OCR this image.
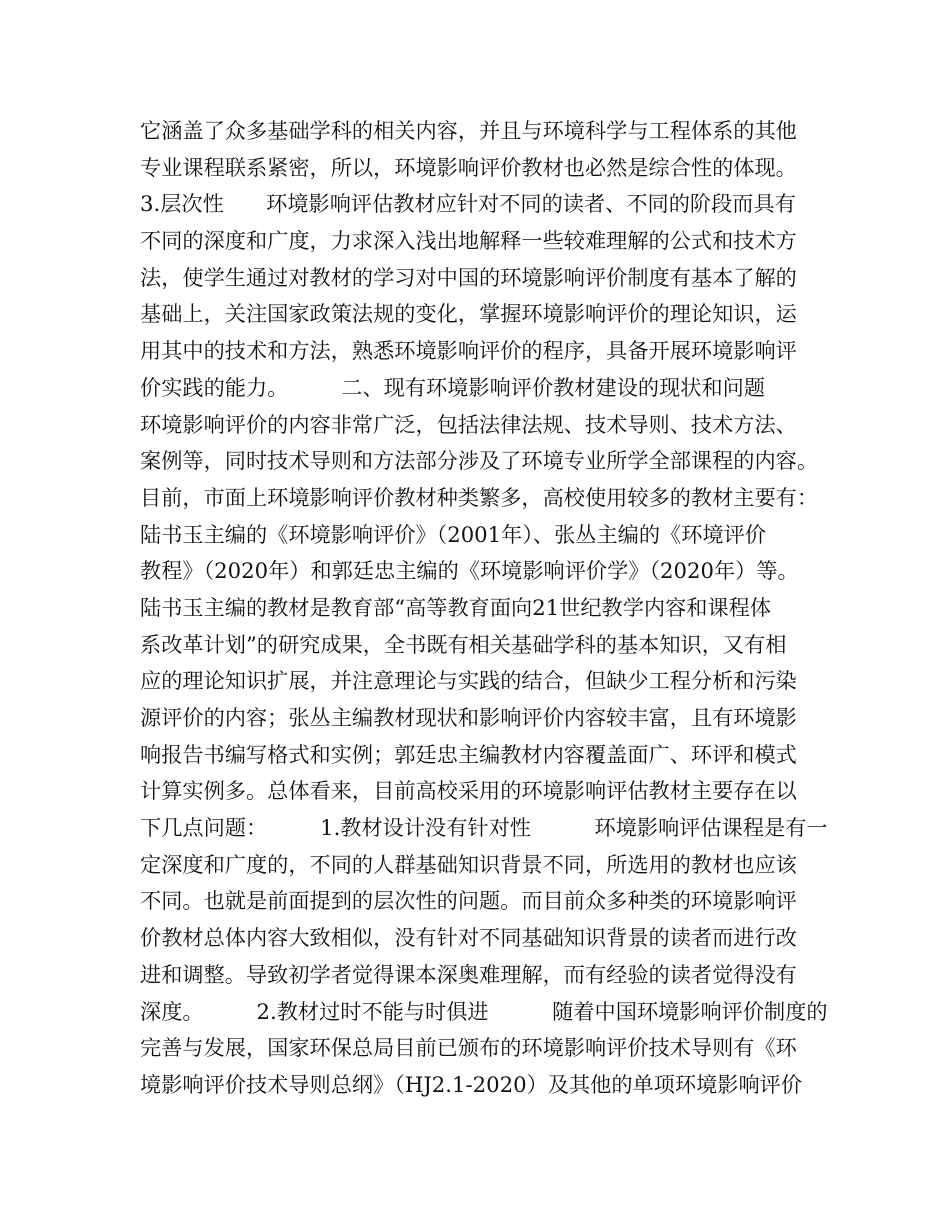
它涵盖了众多基础学科的相关内容，并且与环境科学与工程体系的其他
专业课程联系紧密，所以，环境影响评价教材也必然是综合性的体现。
3.层次性　　环境影响评估教材应针对不同的读者、不同的阶段而具有
不同的深度和广度，力求深入浅出地解释一些较难理解的公式和技术方
法，使学生通过对教材的学习对中国的环境影响评价制度有基本了解的
基础上，关注国家政策法规的变化，掌握环境影响评价的理论知识，运
用其中的技术和方法，熟悉环境影响评价的程序，具备开展环境影响评
价实践的能力。　　　二、现有环境影响评价教材建设的现状和问题
环境影响评价的内容非常广泛，包括法律法规、技术导则、技术方法、
案例等，同时技术导则和方法部分涉及了环境专业所学全部课程的内容。
目前，市面上环境影响评价教材种类繁多，高校使用较多的教材主要有：
陆书玉主编的《环境影响评价》（2001年）、张丛主编的《环境评价
教程》（2020年）和郭廷忠主编的《环境影响评价学》（2020年）等。
陆书玉主编的教材是教育部“高等教育面向21世纪教学内容和课程体
系改革计划”的研究成果，全书既有相关基础学科的基本知识，又有相
应的理论知识扩展，并注意理论与实践的结合，但缺少工程分析和污染
源评价的内容；张丛主编教材现状和影响评价内容较丰富，且有环境影
响报告书编写格式和实例；郭廷忠主编教材内容覆盖面广、环评和模式
计算实例多。总体看来，目前高校采用的环境影响评估教材主要存在以
下几点问题：　　　1.教材设计没有针对性　　　环境影响评估课程是有一
定深度和广度的，不同的人群基础知识背景不同，所选用的教材也应该
不同。也就是前面提到的层次性的问题。而目前众多种类的环境影响评
价教材总体内容大致相似，没有针对不同基础知识背景的读者而进行改
进和调整。导致初学者觉得课本深奥难理解，而有经验的读者觉得没有
深度。　　　2.教材过时不能与时俱进　　　随着中国环境影响评价制度的
完善与发展，国家环保总局目前已颁布的环境影响评价技术导则有《环
境影响评价技术导则总纲》（HJ2.1-2020）及其他的单项环境影响评价
